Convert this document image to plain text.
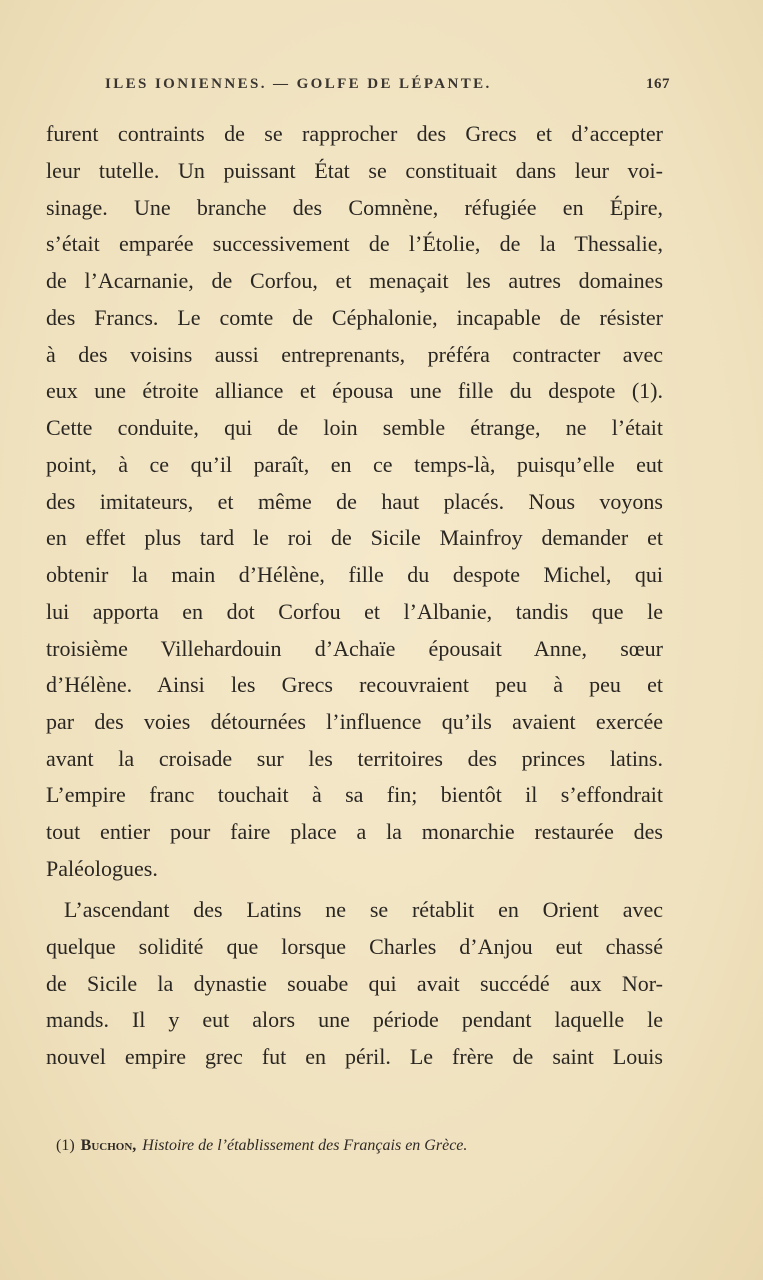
ILES IONIENNES. — GOLFE DE LÉPANTE.	167
furent contraints de se rapprocher des Grecs et d’accepter
leur tutelle. Un puissant État se constituait dans leur voi-
sinage. Une branche des Comnène, réfugiée en Épire,
s’était emparée successivement de l’Étolie, de la Thessalie,
de l’Acarnanie, de Corfou, et menaçait les autres domaines
des Francs. Le comte de Céphalonie, incapable de résister
à des voisins aussi entreprenants, préféra contracter avec
eux une étroite alliance et épousa une fille du despote (1).
Cette conduite, qui de loin semble étrange, ne l’était
point, à ce qu’il paraît, en ce temps-là, puisqu’elle eut
des imitateurs, et même de haut placés. Nous voyons
en effet plus tard le roi de Sicile Mainfroy demander et
obtenir la main d’Hélène, fille du despote Michel, qui
lui apporta en dot Corfou et l’Albanie, tandis que le
troisième Villehardouin d’Achaïe épousait Anne, sœur
d’Hélène. Ainsi les Grecs recouvraient peu à peu et
par des voies détournées l’influence qu’ils avaient exercée
avant la croisade sur les territoires des princes latins.
L’empire franc touchait à sa fin; bientôt il s’effondrait
tout entier pour faire place a la monarchie restaurée des
Paléologues.
L’ascendant des Latins ne se rétablit en Orient avec
quelque solidité que lorsque Charles d’Anjou eut chassé
de Sicile la dynastie souabe qui avait succédé aux Nor-
mands. Il y eut alors une période pendant laquelle le
nouvel empire grec fut en péril. Le frère de saint Louis
(1) Buchon, Histoire de l’établissement des Français en Grèce.
